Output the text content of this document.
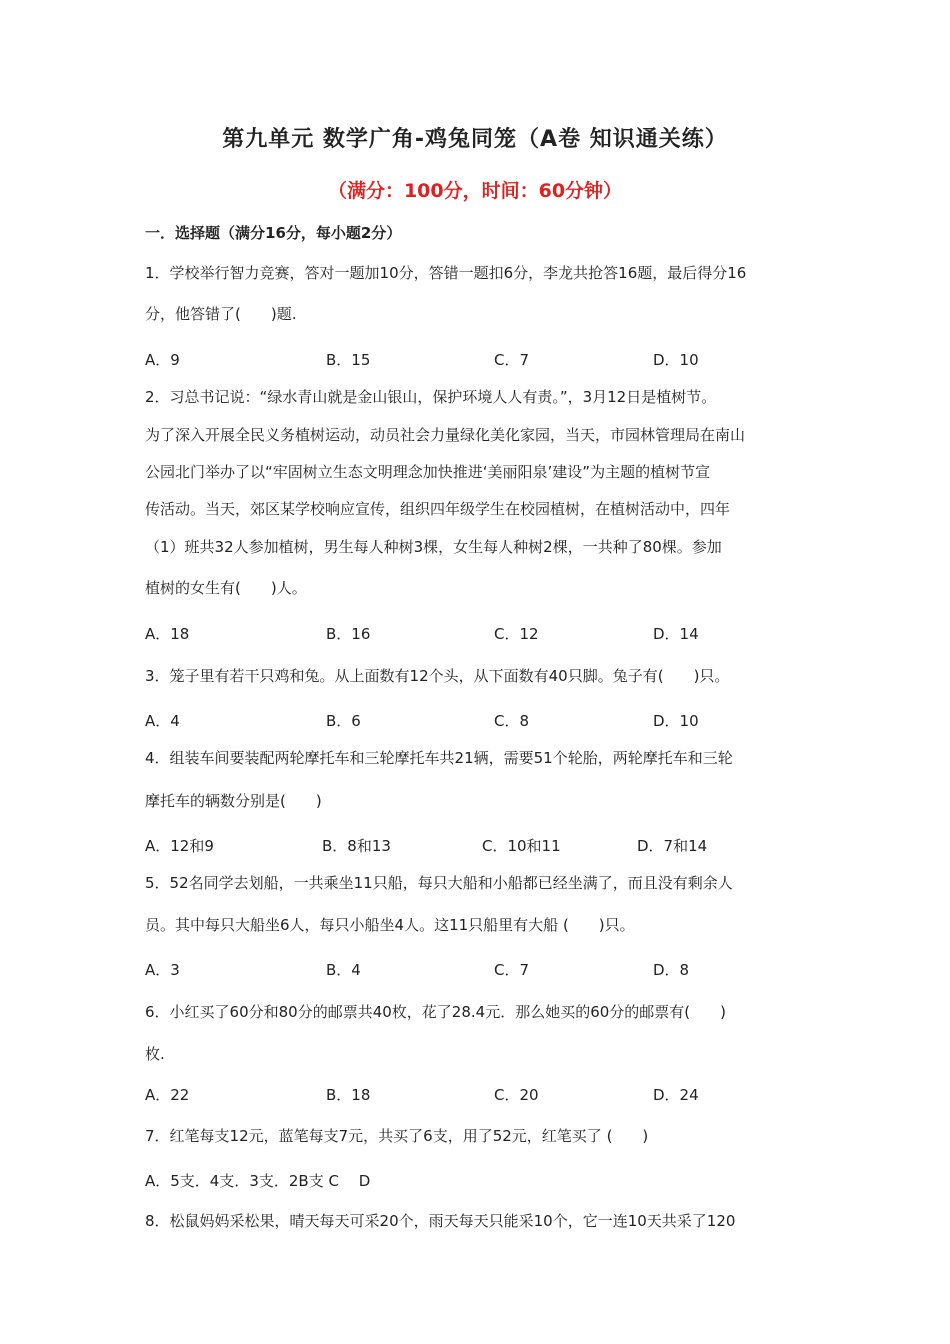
第九单元 数学广角-鸡兔同笼（A卷 知识通关练）
（满分：100分，时间：60分钟）
一．选择题（满分16分，每小题2分）
1．学校举行智力竞赛，答对一题加10分，答错一题扣6分，李龙共抢答16题，最后得分16
分，他答错了(　　)题.
A．9	B．15	C．7	D．10
2．习总书记说：“绿水青山就是金山银山，保护环境人人有责。”，3月12日是植树节。
为了深入开展全民义务植树运动，动员社会力量绿化美化家园，当天，市园林管理局在南山
公园北门举办了以“牢固树立生态文明理念加快推进‘美丽阳泉’建设”为主题的植树节宣
传活动。当天，郊区某学校响应宣传，组织四年级学生在校园植树，在植树活动中，四年
（1）班共32人参加植树，男生每人种树3棵，女生每人种树2棵，一共种了80棵。参加
植树的女生有(　　)人。
A．18	B．16	C．12	D．14
3．笼子里有若干只鸡和兔。从上面数有12个头，从下面数有40只脚。兔子有(　　)只。
A．4	B．6	C．8	D．10
4．组装车间要装配两轮摩托车和三轮摩托车共21辆，需要51个轮胎，两轮摩托车和三轮
摩托车的辆数分别是(　　)
A．12和9	B．8和13	C．10和11	D．7和14
5．52名同学去划船，一共乘坐11只船，每只大船和小船都已经坐满了，而且没有剩余人
员。其中每只大船坐6人，每只小船坐4人。这11只船里有大船 (　　)只。
A．3	B．4	C．7	D．8
6．小红买了60分和80分的邮票共40枚，花了28.4元．那么她买的60分的邮票有(　　)
枚.
A．22	B．18	C．20	D．24
7．红笔每支12元，蓝笔每支7元，共买了6支，用了52元，红笔买了 (　　)
A．5支．4支．3支．2B支 C　 D
8．松鼠妈妈采松果，晴天每天可采20个，雨天每天只能采10个，它一连10天共采了120
